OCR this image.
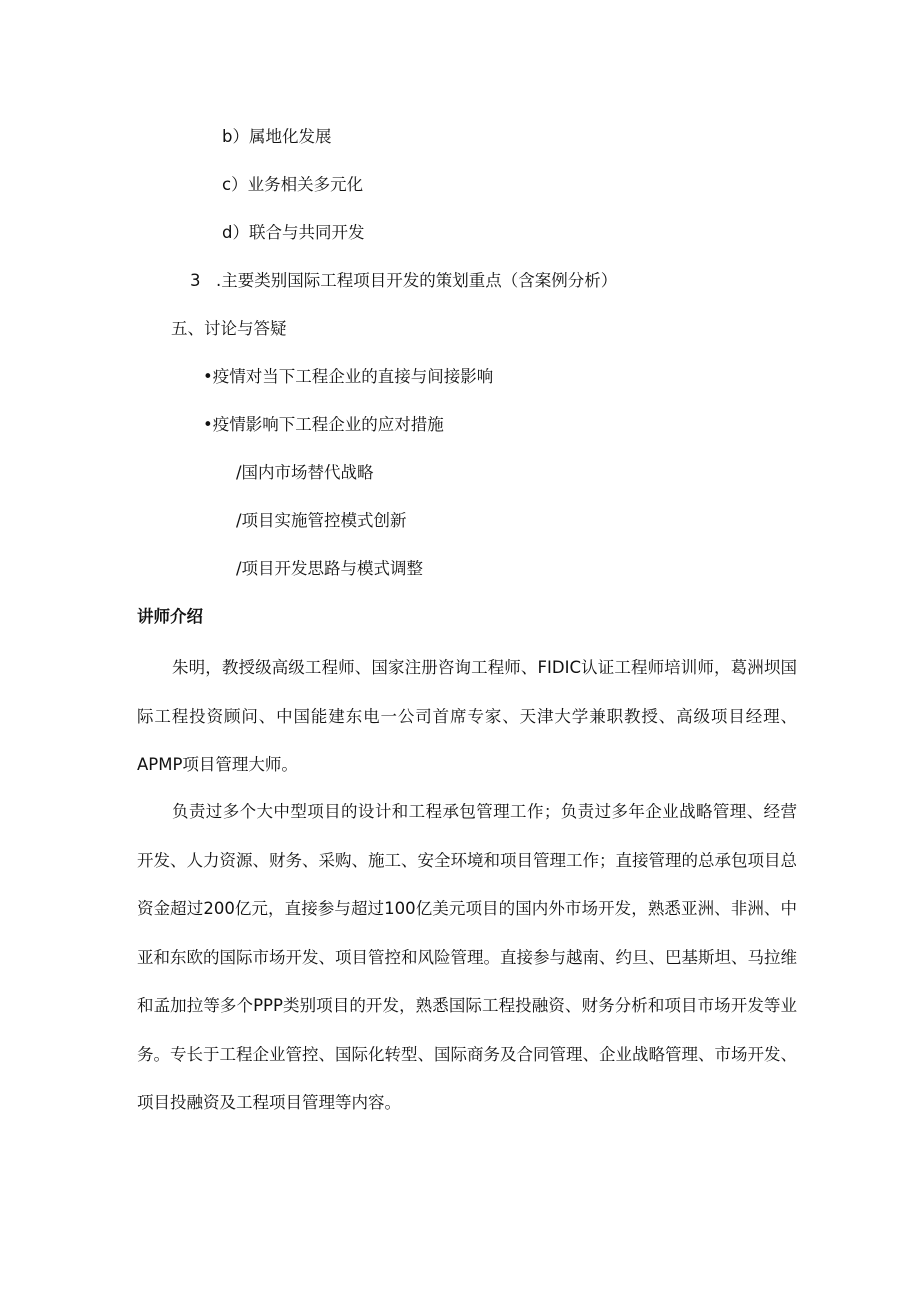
b）属地化发展
c）业务相关多元化
d）联合与共同开发
3 .主要类别国际工程项目开发的策划重点（含案例分析）
五、讨论与答疑
•疫情对当下工程企业的直接与间接影响
•疫情影响下工程企业的应对措施
/国内市场替代战略
/项目实施管控模式创新
/项目开发思路与模式调整
讲师介绍

朱明，教授级高级工程师、国家注册咨询工程师、FIDIC认证工程师培训师，葛洲坝国际工程投资顾问、中国能建东电一公司首席专家、天津大学兼职教授、高级项目经理、APMP项目管理大师。

负责过多个大中型项目的设计和工程承包管理工作；负责过多年企业战略管理、经营开发、人力资源、财务、采购、施工、安全环境和项目管理工作；直接管理的总承包项目总资金超过200亿元，直接参与超过100亿美元项目的国内外市场开发，熟悉亚洲、非洲、中亚和东欧的国际市场开发、项目管控和风险管理。直接参与越南、约旦、巴基斯坦、马拉维和孟加拉等多个PPP类别项目的开发，熟悉国际工程投融资、财务分析和项目市场开发等业务。专长于工程企业管控、国际化转型、国际商务及合同管理、企业战略管理、市场开发、项目投融资及工程项目管理等内容。
